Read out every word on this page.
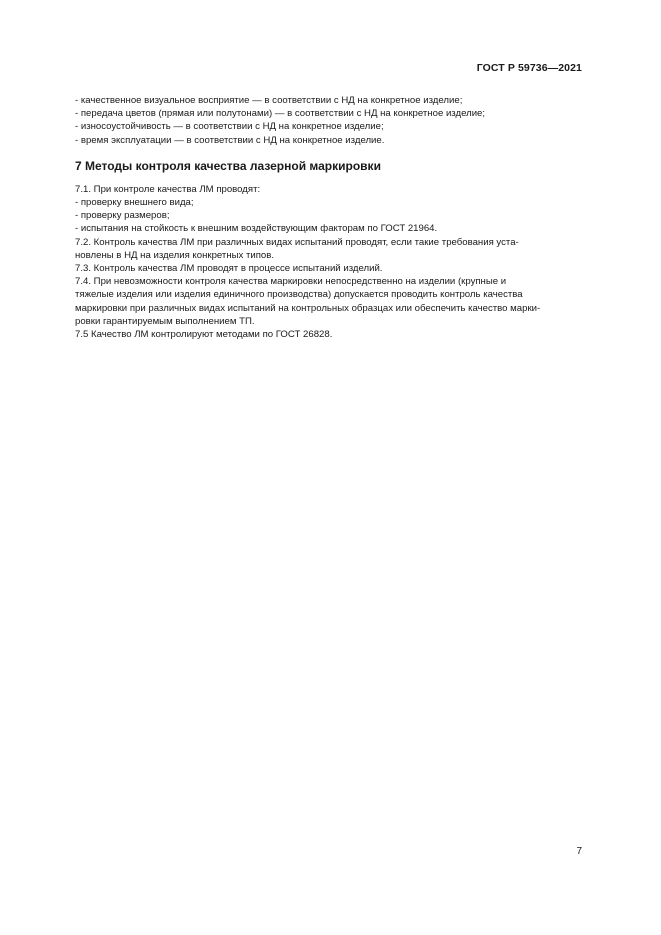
ГОСТ Р 59736—2021
- качественное визуальное восприятие — в соответствии с НД на конкретное изделие;
- передача цветов (прямая или полутонами) — в соответствии с НД на конкретное изделие;
- износоустойчивость — в соответствии с НД на конкретное изделие;
- время эксплуатации — в соответствии с НД на конкретное изделие.
7 Методы контроля качества лазерной маркировки
7.1. При контроле качества ЛМ проводят:
- проверку внешнего вида;
- проверку размеров;
- испытания на стойкость к внешним воздействующим факторам по ГОСТ 21964.
7.2. Контроль качества ЛМ при различных видах испытаний проводят, если такие требования уста-
новлены в НД на изделия конкретных типов.
7.3. Контроль качества ЛМ проводят в процессе испытаний изделий.
7.4. При невозможности контроля качества маркировки непосредственно на изделии (крупные и
тяжелые изделия или изделия единичного производства) допускается проводить контроль качества
маркировки при различных видах испытаний на контрольных образцах или обеспечить качество марки-
ровки гарантируемым выполнением ТП.
7.5 Качество ЛМ контролируют методами по ГОСТ 26828.
7
